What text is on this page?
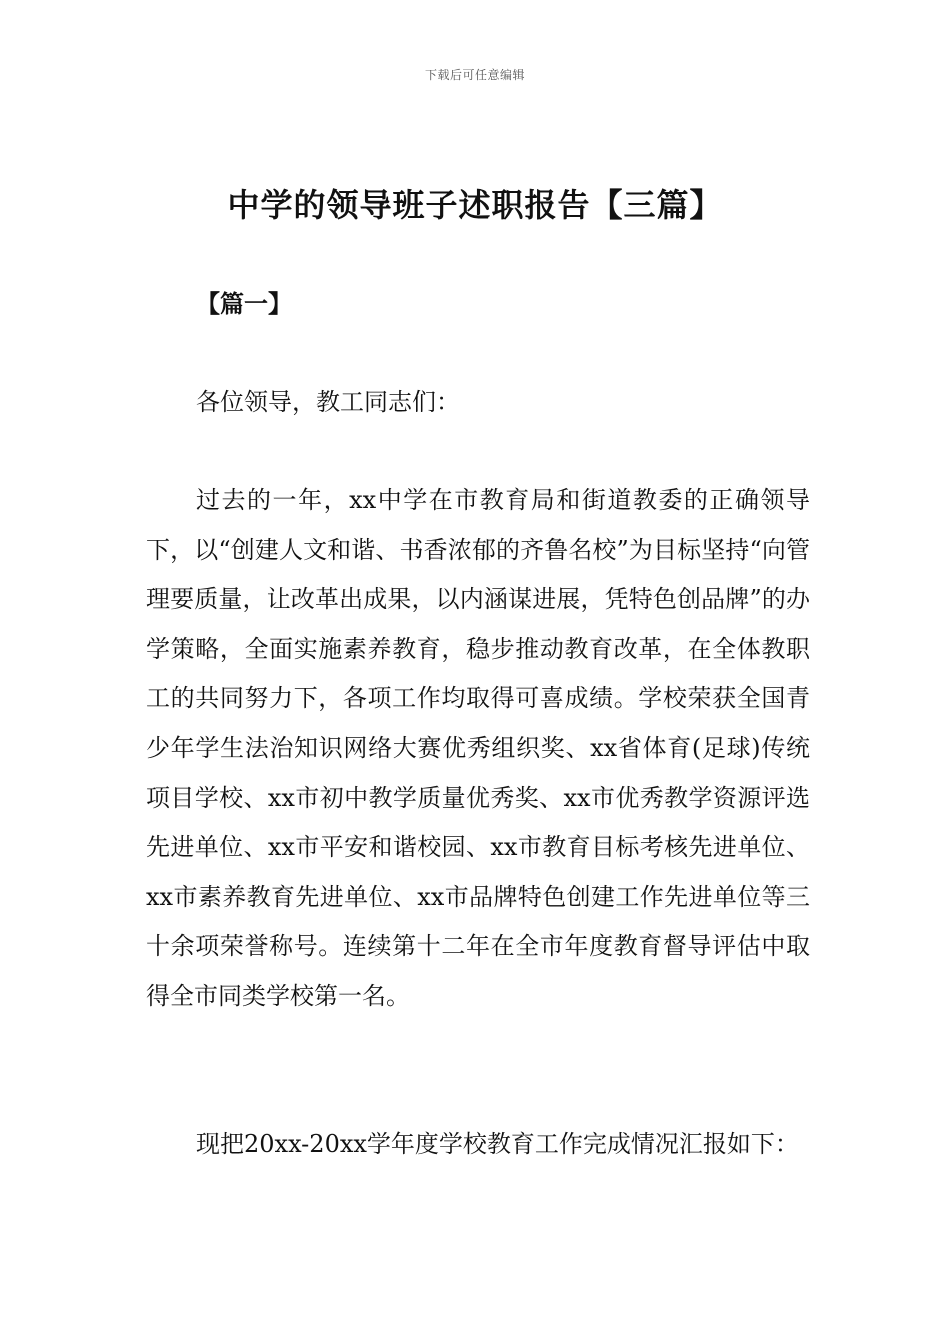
下载后可任意编辑
中学的领导班子述职报告【三篇】
【篇一】
各位领导，教工同志们：

过去的一年，xx中学在市教育局和街道教委的正确领导下，以“创建人文和谐、书香浓郁的齐鲁名校”为目标坚持“向管理要质量，让改革出成果，以内涵谋进展，凭特色创品牌”的办学策略，全面实施素养教育，稳步推动教育改革，在全体教职工的共同努力下，各项工作均取得可喜成绩。学校荣获全国青少年学生法治知识网络大赛优秀组织奖、xx省体育(足球)传统项目学校、xx市初中教学质量优秀奖、xx市优秀教学资源评选先进单位、xx市平安和谐校园、xx市教育目标考核先进单位、xx市素养教育先进单位、xx市品牌特色创建工作先进单位等三十余项荣誉称号。连续第十二年在全市年度教育督导评估中取得全市同类学校第一名。

现把20xx-20xx学年度学校教育工作完成情况汇报如下：
